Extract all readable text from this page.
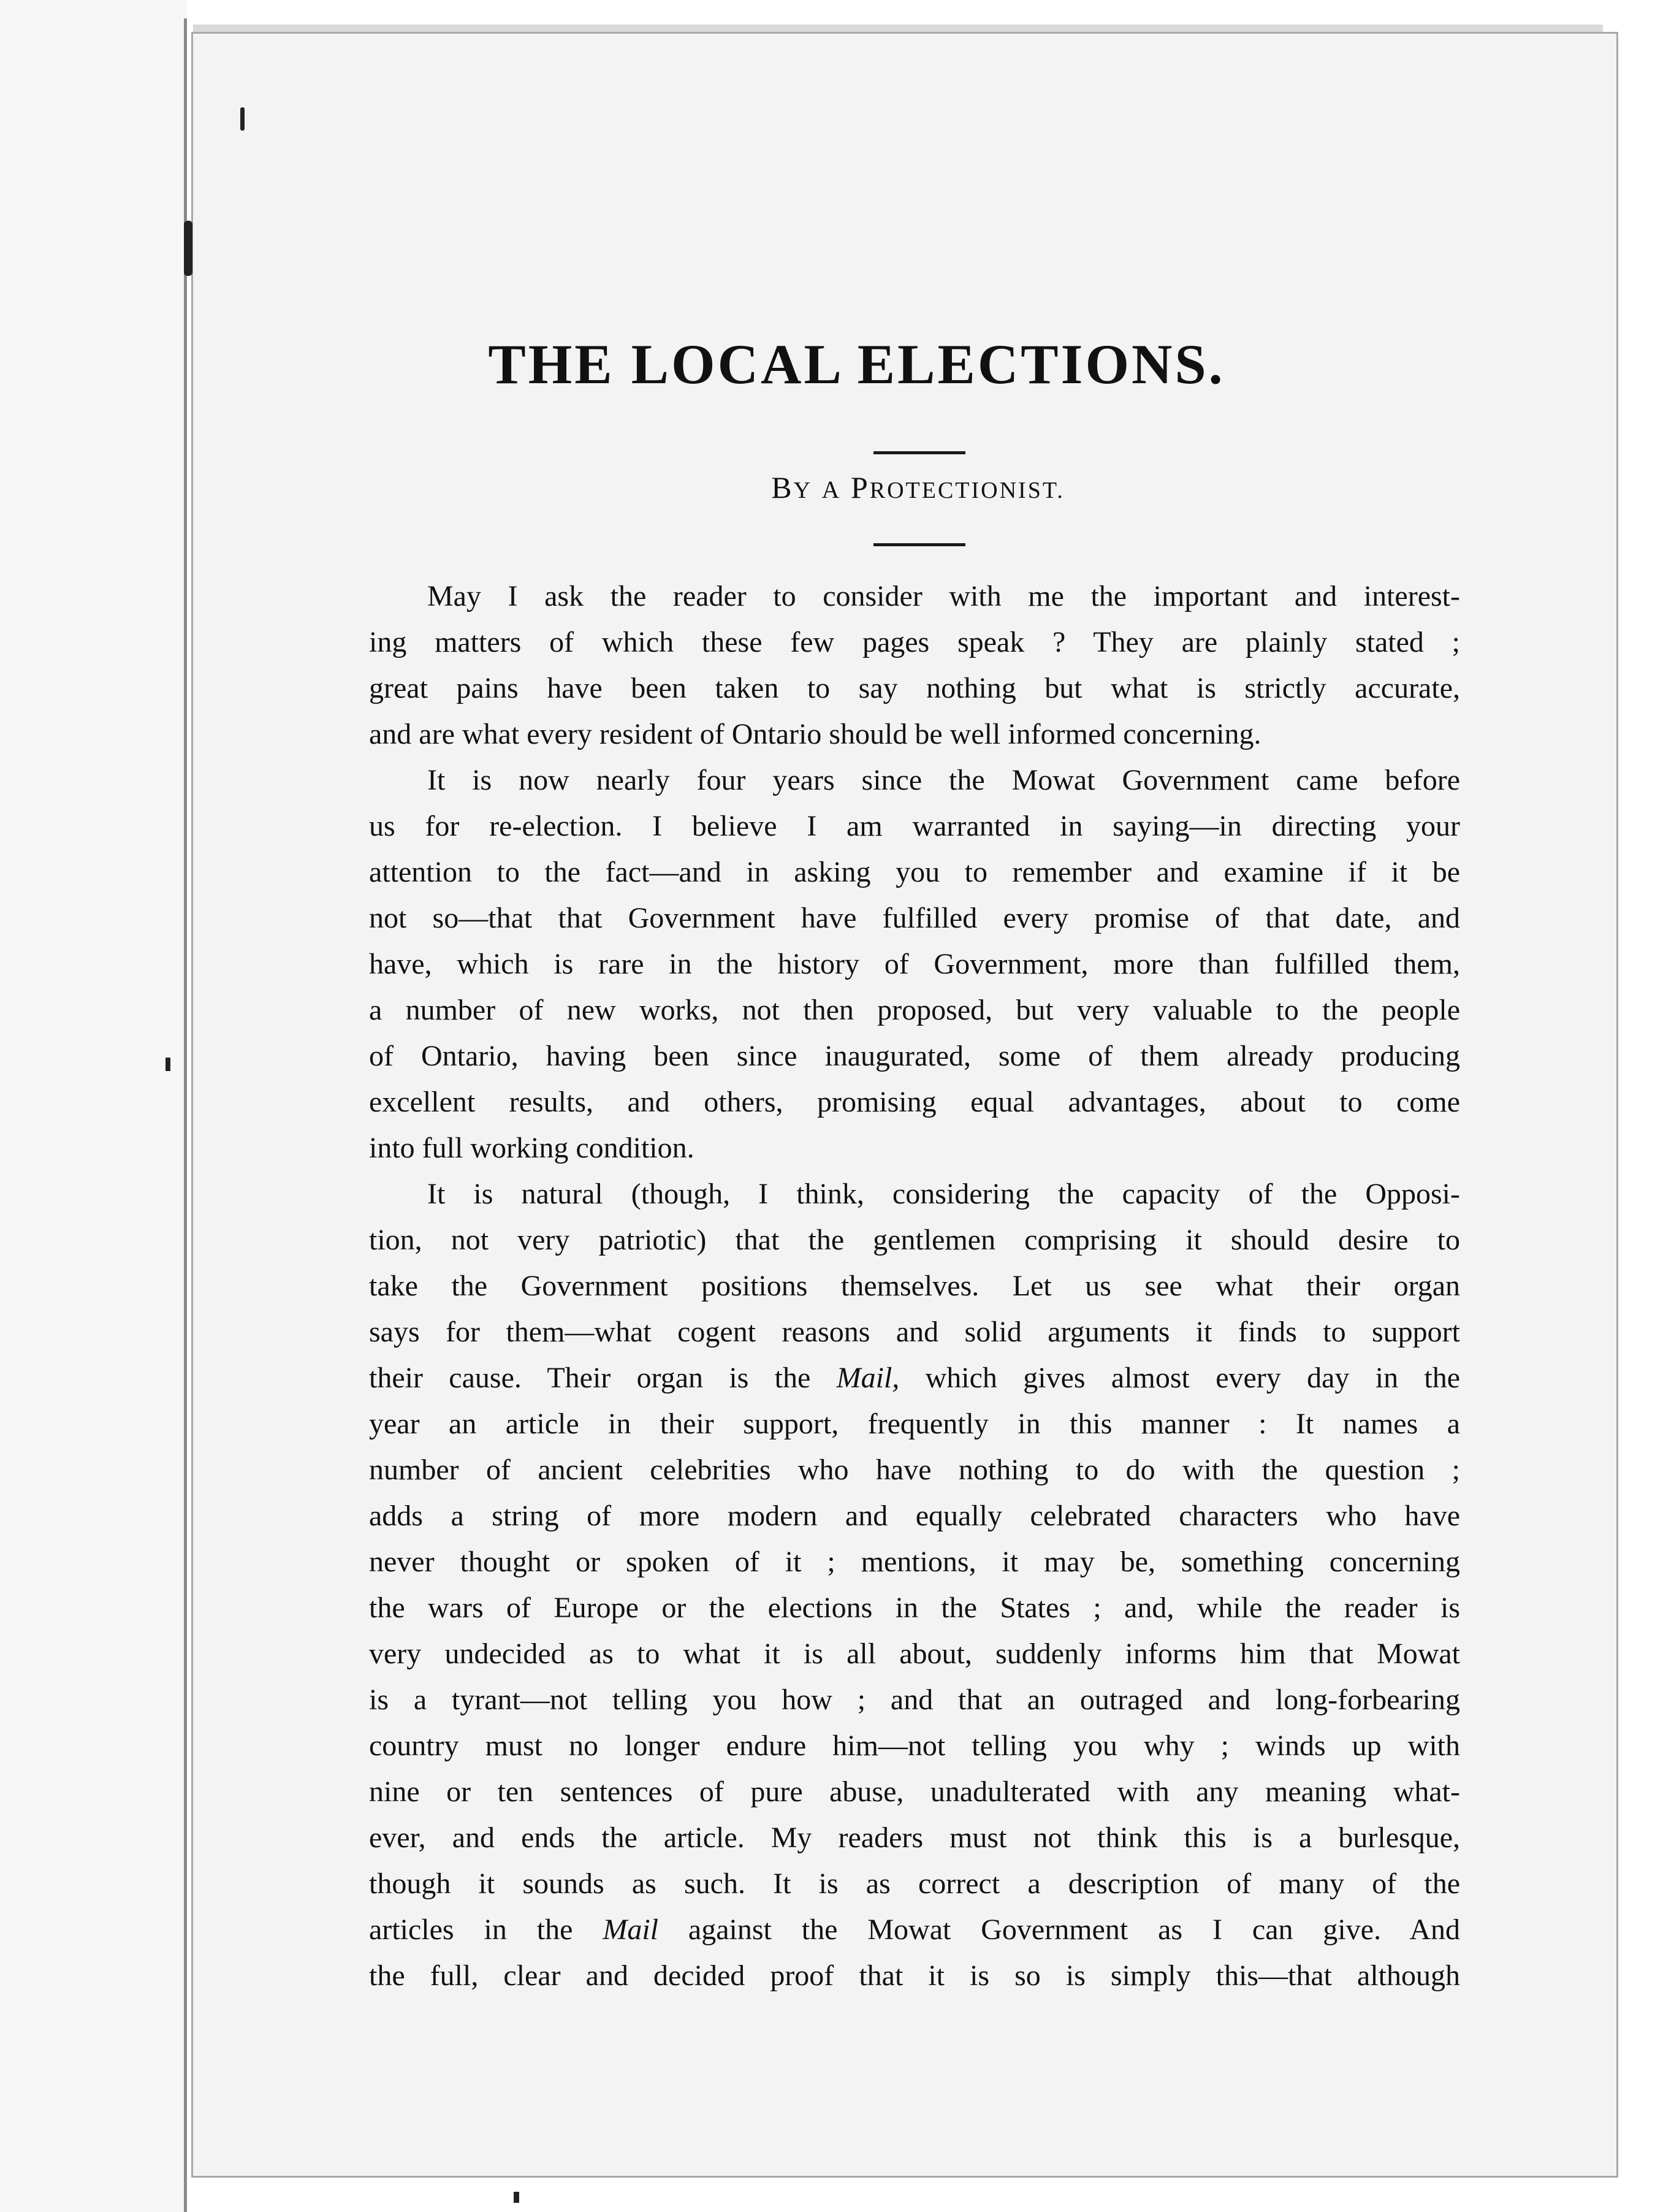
THE LOCAL ELECTIONS.
BY A PROTECTIONIST.
May I ask the reader to consider with me the important and interest-
ing matters of which these few pages speak ? They are plainly stated ;
great pains have been taken to say nothing but what is strictly accurate,
and are what every resident of Ontario should be well informed concerning.
It is now nearly four years since the Mowat Government came before
us for re-election. I believe I am warranted in saying—in directing your
attention to the fact—and in asking you to remember and examine if it be
not so—that that Government have fulfilled every promise of that date, and
have, which is rare in the history of Government, more than fulfilled them,
a number of new works, not then proposed, but very valuable to the people
of Ontario, having been since inaugurated, some of them already producing
excellent results, and others, promising equal advantages, about to come
into full working condition.
It is natural (though, I think, considering the capacity of the Opposi-
tion, not very patriotic) that the gentlemen comprising it should desire to
take the Government positions themselves. Let us see what their organ
says for them—what cogent reasons and solid arguments it finds to support
their cause. Their organ is the Mail, which gives almost every day in the
year an article in their support, frequently in this manner : It names a
number of ancient celebrities who have nothing to do with the question ;
adds a string of more modern and equally celebrated characters who have
never thought or spoken of it ; mentions, it may be, something concerning
the wars of Europe or the elections in the States ; and, while the reader is
very undecided as to what it is all about, suddenly informs him that Mowat
is a tyrant—not telling you how ; and that an outraged and long-forbearing
country must no longer endure him—not telling you why ; winds up with
nine or ten sentences of pure abuse, unadulterated with any meaning what-
ever, and ends the article. My readers must not think this is a burlesque,
though it sounds as such. It is as correct a description of many of the
articles in the Mail against the Mowat Government as I can give. And
the full, clear and decided proof that it is so is simply this—that although
